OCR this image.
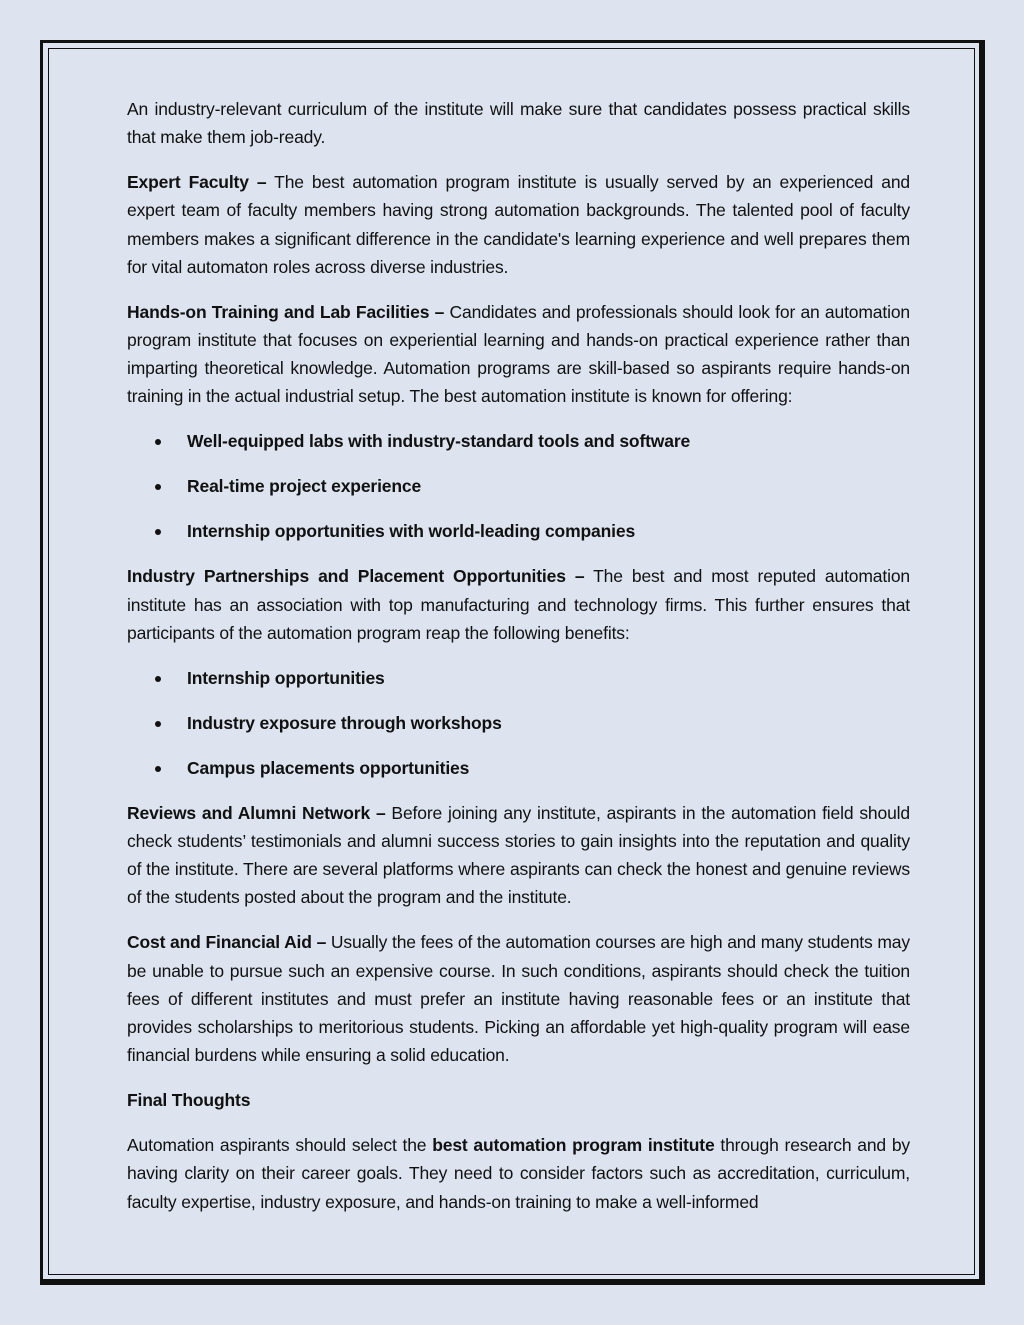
An industry-relevant curriculum of the institute will make sure that candidates possess practical skills that make them job-ready.

Expert Faculty – The best automation program institute is usually served by an experienced and expert team of faculty members having strong automation backgrounds. The talented pool of faculty members makes a significant difference in the candidate's learning experience and well prepares them for vital automaton roles across diverse industries.

Hands-on Training and Lab Facilities – Candidates and professionals should look for an automation program institute that focuses on experiential learning and hands-on practical experience rather than imparting theoretical knowledge. Automation programs are skill-based so aspirants require hands-on training in the actual industrial setup. The best automation institute is known for offering:

Well-equipped labs with industry-standard tools and software
Real-time project experience
Internship opportunities with world-leading companies

Industry Partnerships and Placement Opportunities – The best and most reputed automation institute has an association with top manufacturing and technology firms. This further ensures that participants of the automation program reap the following benefits:

Internship opportunities
Industry exposure through workshops
Campus placements opportunities

Reviews and Alumni Network – Before joining any institute, aspirants in the automation field should check students’ testimonials and alumni success stories to gain insights into the reputation and quality of the institute. There are several platforms where aspirants can check the honest and genuine reviews of the students posted about the program and the institute.

Cost and Financial Aid – Usually the fees of the automation courses are high and many students may be unable to pursue such an expensive course. In such conditions, aspirants should check the tuition fees of different institutes and must prefer an institute having reasonable fees or an institute that provides scholarships to meritorious students. Picking an affordable yet high-quality program will ease financial burdens while ensuring a solid education.

Final Thoughts

Automation aspirants should select the best automation program institute through research and by having clarity on their career goals. They need to consider factors such as accreditation, curriculum, faculty expertise, industry exposure, and hands-on training to make a well-informed
